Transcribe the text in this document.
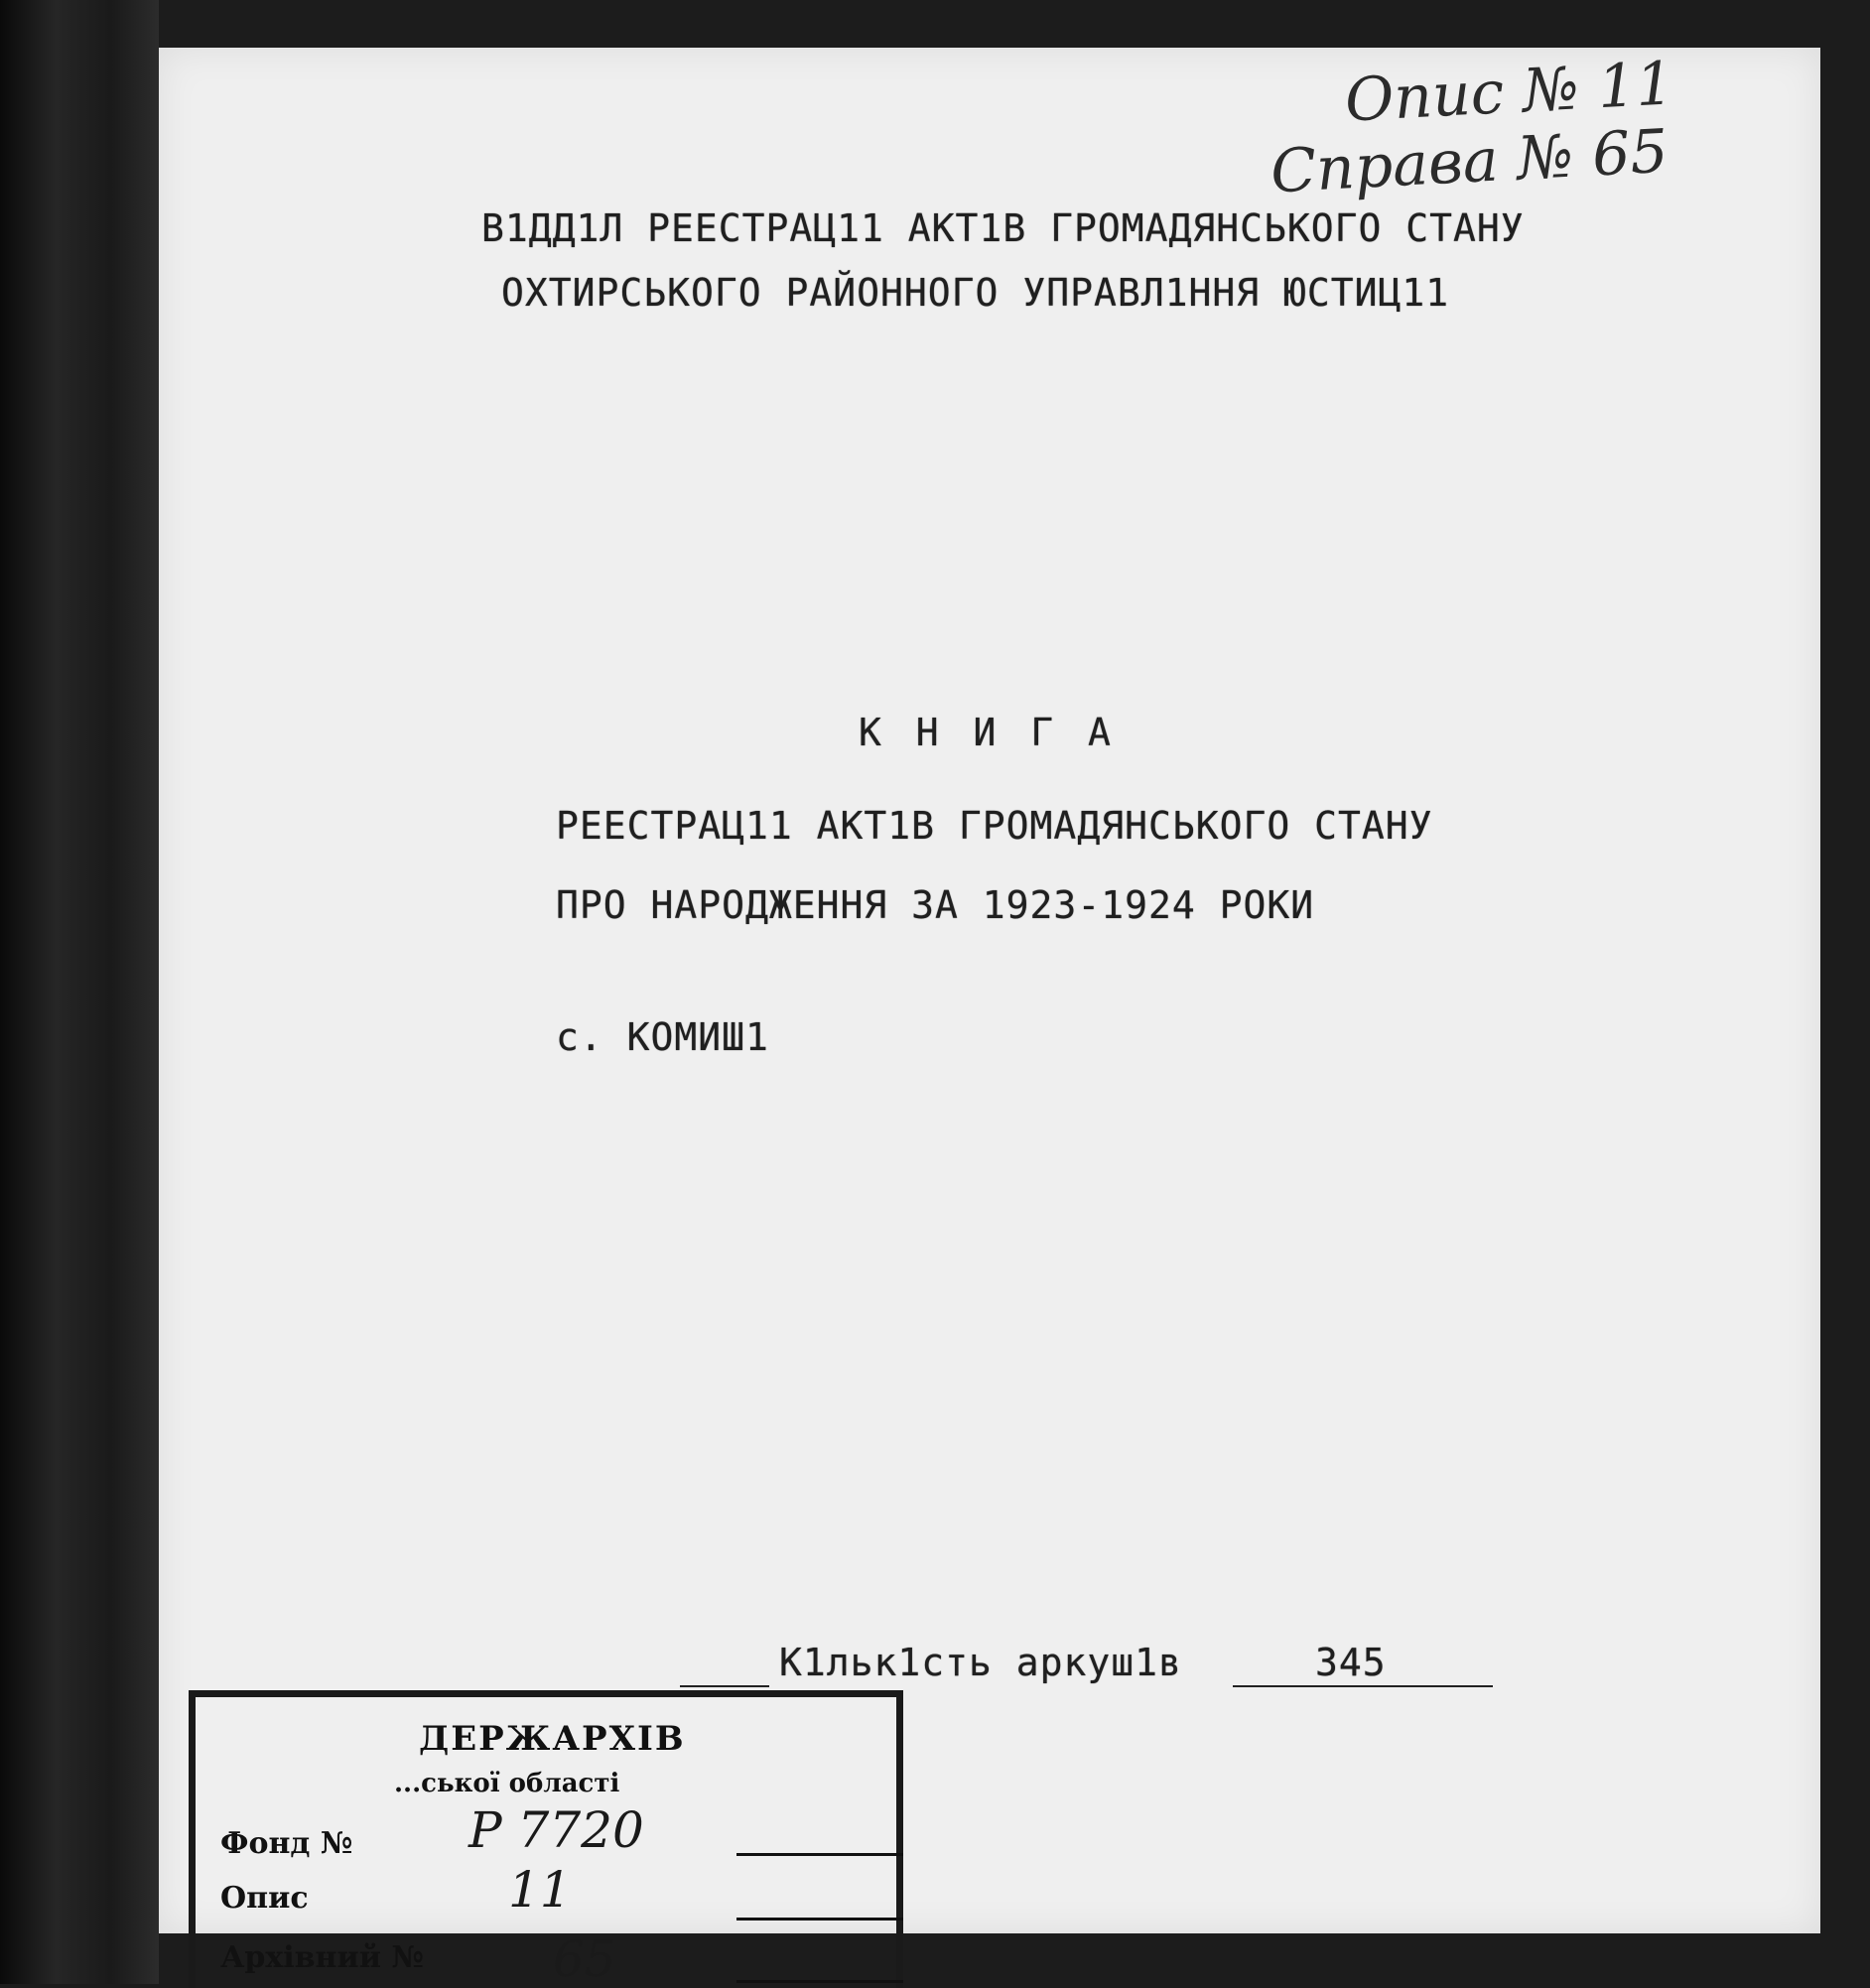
Опис № 11
Справа № 65
В1ДД1Л РЕЕСТРАЦ11 АКТ1В ГРОМАДЯНСЬКОГО СТАНУ
ОХТИРСЬКОГО РАЙОННОГО УПРАВЛ1ННЯ ЮСТИЦ11
К Н И Г А
РЕЕСТРАЦ11 АКТ1В ГРОМАДЯНСЬКОГО СТАНУ
ПРО НАРОДЖЕННЯ ЗА 1923-1924 РОКИ
с. КОМИШ1
К1льк1сть аркуш1в	345
ДЕРЖАРХІВ
...ської області
Р 7720
Фонд №
11
Опис
Архівний №	65
